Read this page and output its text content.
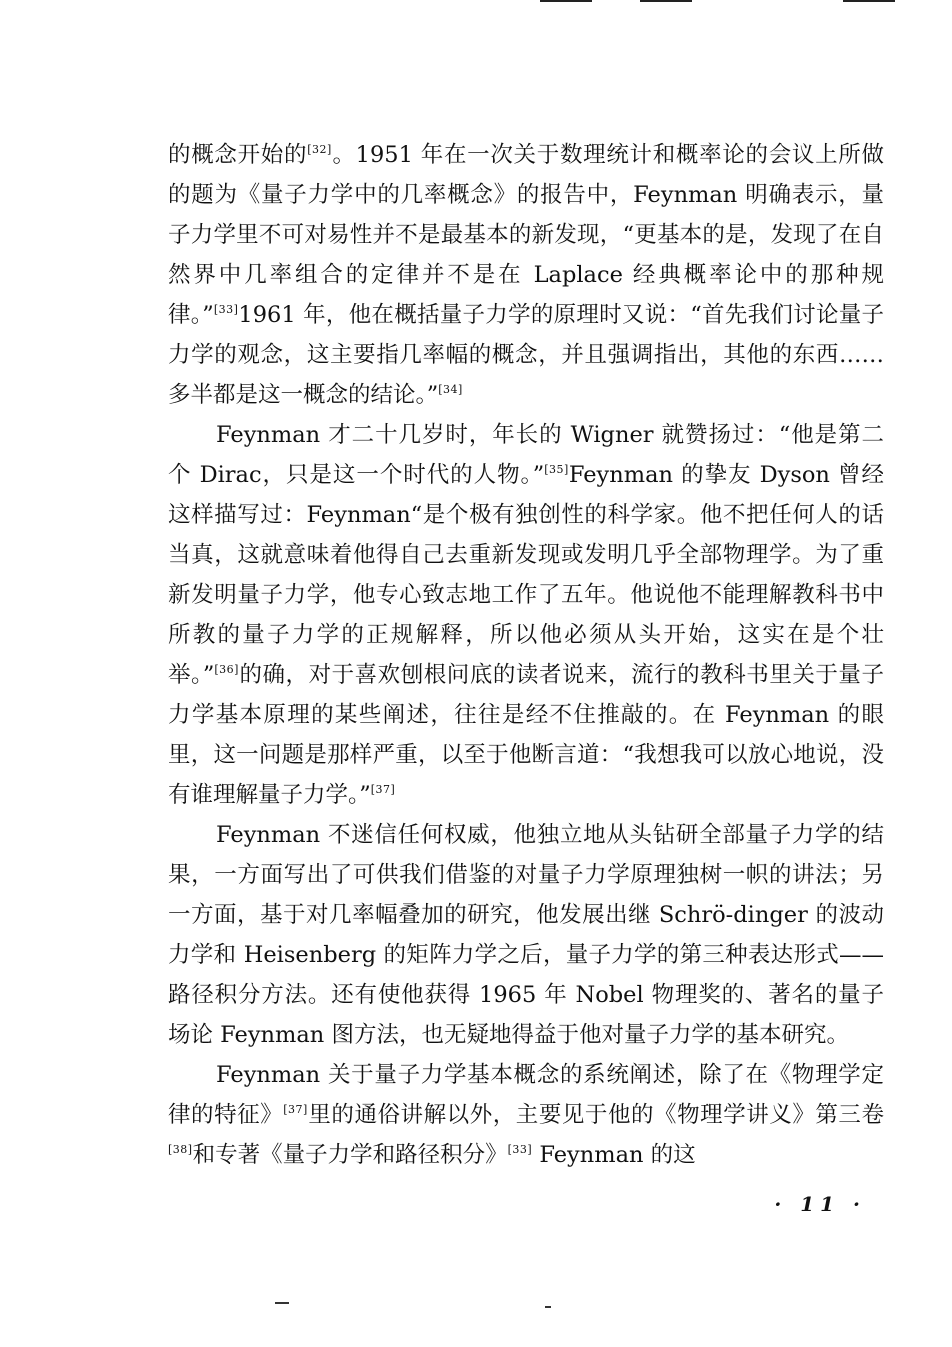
的概念开始的[32]。1951 年在一次关于数理统计和概率论的会议上所做的题为《量子力学中的几率概念》的报告中，Feynman 明确表示，量子力学里不可对易性并不是最基本的新发现，“更基本的是，发现了在自然界中几率组合的定律并不是在 Laplace 经典概率论中的那种规律。”[33]1961 年，他在概括量子力学的原理时又说：“首先我们讨论量子力学的观念，这主要指几率幅的概念，并且强调指出，其他的东西……多半都是这一概念的结论。”[34]

Feynman 才二十几岁时，年长的 Wigner 就赞扬过：“他是第二个 Dirac，只是这一个时代的人物。”[35]Feynman 的挚友 Dyson 曾经这样描写过：Feynman“是个极有独创性的科学家。他不把任何人的话当真，这就意味着他得自己去重新发现或发明几乎全部物理学。为了重新发明量子力学，他专心致志地工作了五年。他说他不能理解教科书中所教的量子力学的正规解释，所以他必须从头开始，这实在是个壮举。”[36]的确，对于喜欢刨根问底的读者说来，流行的教科书里关于量子力学基本原理的某些阐述，往往是经不住推敲的。在 Feynman 的眼里，这一问题是那样严重，以至于他断言道：“我想我可以放心地说，没有谁理解量子力学。”[37]

Feynman 不迷信任何权威，他独立地从头钻研全部量子力学的结果，一方面写出了可供我们借鉴的对量子力学原理独树一帜的讲法；另一方面，基于对几率幅叠加的研究，他发展出继 Schrö-dinger 的波动力学和 Heisenberg 的矩阵力学之后，量子力学的第三种表达形式——路径积分方法。还有使他获得 1965 年 Nobel 物理奖的、著名的量子场论 Feynman 图方法，也无疑地得益于他对量子力学的基本研究。

Feynman 关于量子力学基本概念的系统阐述，除了在《物理学定律的特征》[37]里的通俗讲解以外，主要见于他的《物理学讲义》第三卷[38]和专著《量子力学和路径积分》[33] Feynman 的这

· 11 ·
